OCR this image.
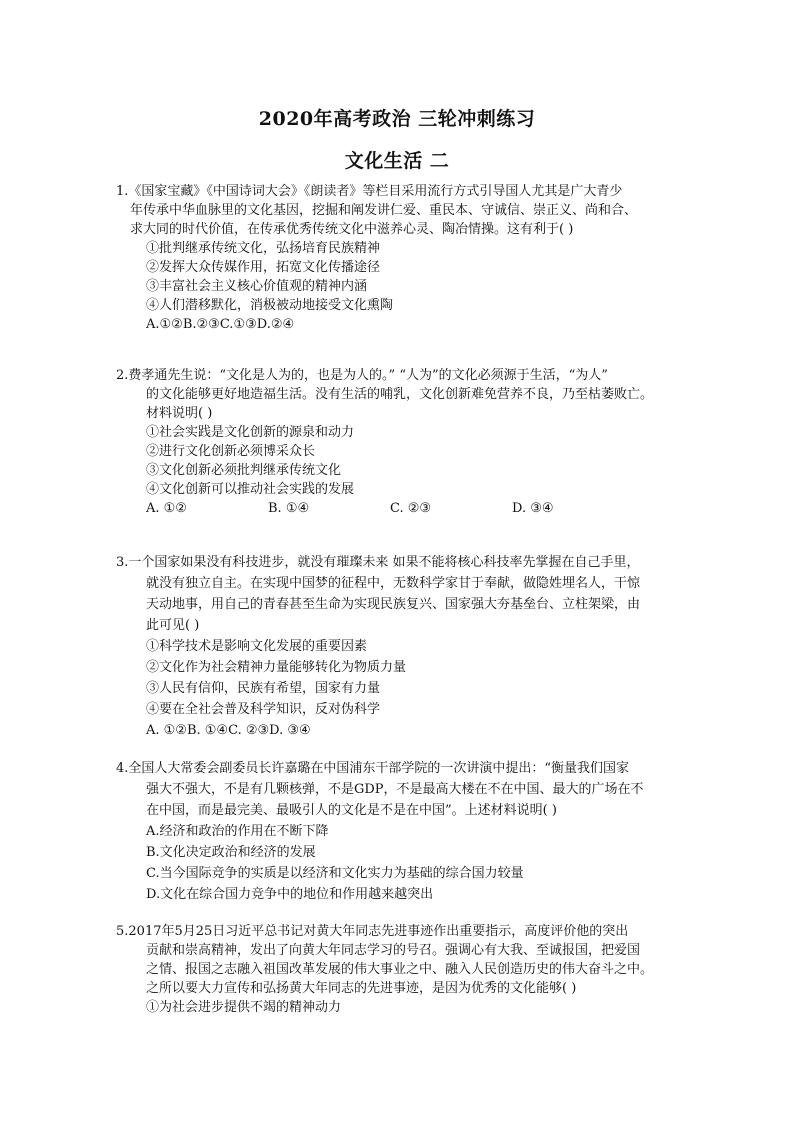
2020年高考政治 三轮冲刺练习
文化生活 二
1.《国家宝藏》《中国诗词大会》《朗读者》等栏目采用流行方式引导国人尤其是广大青少
年传承中华血脉里的文化基因，挖掘和阐发讲仁爱、重民本、守诚信、崇正义、尚和合、
求大同的时代价值，在传承优秀传统文化中滋养心灵、陶冶情操。这有利于( )
①批判继承传统文化，弘扬培育民族精神
②发挥大众传媒作用，拓宽文化传播途径
③丰富社会主义核心价值观的精神内涵
④人们潜移默化，消极被动地接受文化熏陶
A.①②B.②③C.①③D.②④
2.费孝通先生说：“文化是人为的，也是为人的。” “人为”的文化必须源于生活，“为人”
的文化能够更好地造福生活。没有生活的哺乳，文化创新难免营养不良，乃至枯萎败亡。
材料说明( )
①社会实践是文化创新的源泉和动力
②进行文化创新必须博采众长
③文化创新必须批判继承传统文化
④文化创新可以推动社会实践的发展
A. ①②	B. ①④	C. ②③	D. ③④
3.一个国家如果没有科技进步，就没有璀璨未来 如果不能将核心科技率先掌握在自己手里，
就没有独立自主。在实现中国梦的征程中，无数科学家甘于奉献，做隐姓埋名人，干惊
天动地事，用自己的青春甚至生命为实现民族复兴、国家强大夯基垒台、立柱架梁，由
此可见( )
①科学技术是影响文化发展的重要因素
②文化作为社会精神力量能够转化为物质力量
③人民有信仰，民族有希望，国家有力量
④要在全社会普及科学知识，反对伪科学
A. ①②B. ①④C. ②③D. ③④
4.全国人大常委会副委员长许嘉璐在中国浦东干部学院的一次讲演中提出：“衡量我们国家
强大不强大，不是有几颗核弹，不是GDP，不是最高大楼在不在中国、最大的广场在不
在中国，而是最完美、最吸引人的文化是不是在中国”。上述材料说明( )
A.经济和政治的作用在不断下降
B.文化决定政治和经济的发展
C.当今国际竞争的实质是以经济和文化实力为基础的综合国力较量
D.文化在综合国力竞争中的地位和作用越来越突出
5.2017年5月25日习近平总书记对黄大年同志先进事迹作出重要指示，高度评价他的突出
贡献和崇高精神，发出了向黄大年同志学习的号召。强调心有大我、至诚报国，把爱国
之情、报国之志融入祖国改革发展的伟大事业之中、融入人民创造历史的伟大奋斗之中。
之所以要大力宣传和弘扬黄大年同志的先进事迹，是因为优秀的文化能够( )
①为社会进步提供不竭的精神动力
